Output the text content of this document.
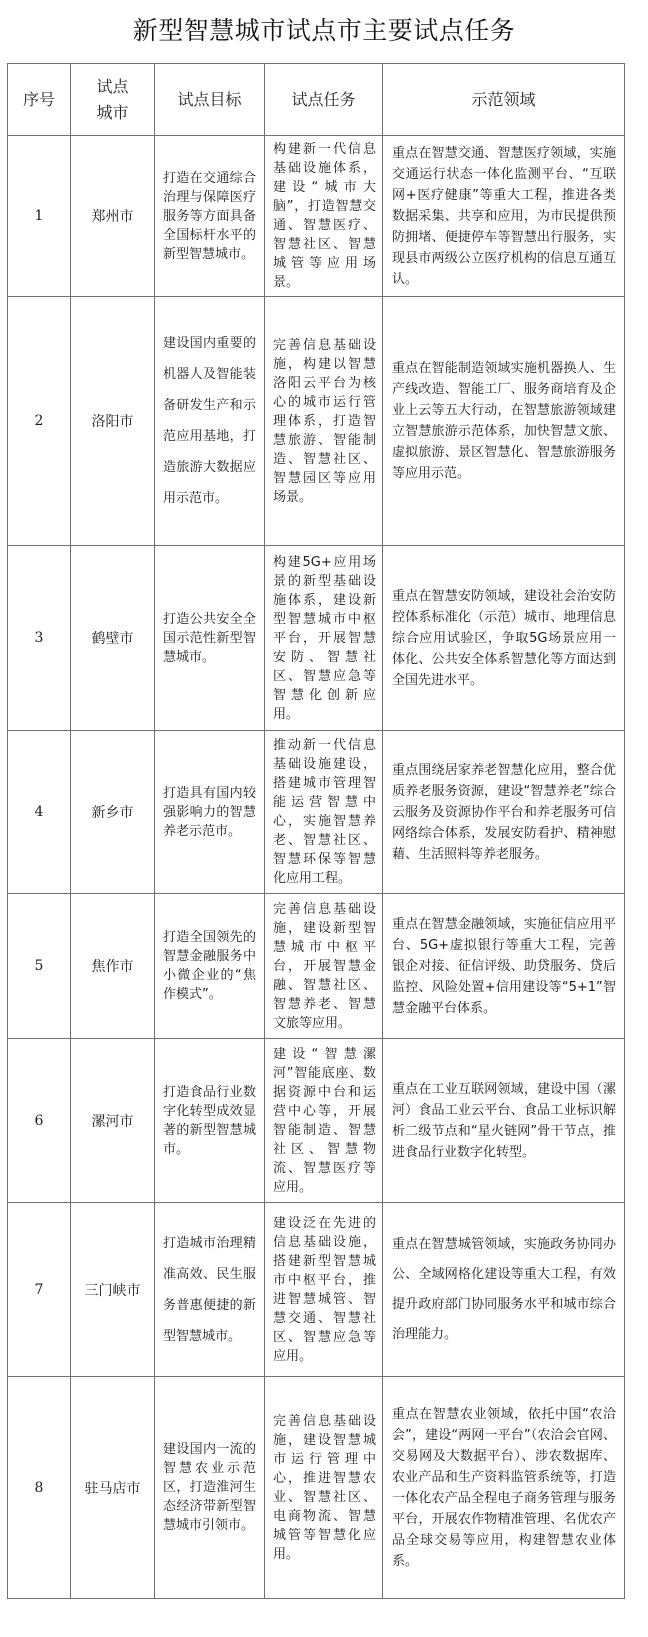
新型智慧城市试点市主要试点任务
序号	试点城市	试点目标	试点任务	示范领域
1	郑州市	打造在交通综合治理与保障医疗服务等方面具备全国标杆水平的新型智慧城市。	构建新一代信息基础设施体系，建设“城市大脑”，打造智慧交通、智慧医疗、智慧社区、智慧城管等应用场景。	重点在智慧交通、智慧医疗领域，实施交通运行状态一体化监测平台、“互联网+医疗健康”等重大工程，推进各类数据采集、共享和应用，为市民提供预防拥堵、便捷停车等智慧出行服务，实现县市两级公立医疗机构的信息互通互认。

2	洛阳市	建设国内重要的机器人及智能装备研发生产和示范应用基地，打造旅游大数据应用示范市。	完善信息基础设施，构建以智慧洛阳云平台为核心的城市运行管理体系，打造智慧旅游、智能制造、智慧社区、智慧园区等应用场景。	重点在智能制造领域实施机器换人、生产线改造、智能工厂、服务商培育及企业上云等五大行动，在智慧旅游领域建立智慧旅游示范体系，加快智慧文旅、虚拟旅游、景区智慧化、智慧旅游服务等应用示范。

3	鹤壁市	打造公共安全全国示范性新型智慧城市。	构建5G+应用场景的新型基础设施体系，建设新型智慧城市中枢平台，开展智慧安防、智慧社区、智慧应急等智慧化创新应用。	重点在智慧安防领域，建设社会治安防控体系标准化（示范）城市、地理信息综合应用试验区，争取5G场景应用一体化、公共安全体系智慧化等方面达到全国先进水平。

4	新乡市	打造具有国内较强影响力的智慧养老示范市。	推动新一代信息基础设施建设，搭建城市管理智能运营智慧中心，实施智慧养老、智慧社区、智慧环保等智慧化应用工程。	重点围绕居家养老智慧化应用，整合优质养老服务资源，建设“智慧养老”综合云服务及资源协作平台和养老服务可信网络综合体系，发展安防看护、精神慰藉、生活照料等养老服务。

5	焦作市	打造全国领先的智慧金融服务中小微企业的“焦作模式”。	完善信息基础设施，建设新型智慧城市中枢平台，开展智慧金融、智慧社区、智慧养老、智慧文旅等应用。	重点在智慧金融领域，实施征信应用平台、5G+虚拟银行等重大工程，完善银企对接、征信评级、助贷服务、贷后监控、风险处置+信用建设等“5+1”智慧金融平台体系。

6	漯河市	打造食品行业数字化转型成效显著的新型智慧城市。	建设“智慧漯河”智能底座、数据资源中台和运营中心等，开展智能制造、智慧社区、智慧物流、智慧医疗等应用。	重点在工业互联网领域，建设中国（漯河）食品工业云平台、食品工业标识解析二级节点和“星火链网”骨干节点，推进食品行业数字化转型。

7	三门峡市	打造城市治理精准高效、民生服务普惠便捷的新型智慧城市。	建设泛在先进的信息基础设施，搭建新型智慧城市中枢平台，推进智慧城管、智慧交通、智慧社区、智慧应急等应用。	重点在智慧城管领域，实施政务协同办公、全域网格化建设等重大工程，有效提升政府部门协同服务水平和城市综合治理能力。

8	驻马店市	建设国内一流的智慧农业示范区，打造淮河生态经济带新型智慧城市引领市。	完善信息基础设施，建设智慧城市运行管理中心，推进智慧农业、智慧社区、电商物流、智慧城管等智慧化应用。	重点在智慧农业领域，依托中国“农洽会”，建设“两网一平台”（农洽会官网、交易网及大数据平台）、涉农数据库、农业产品和生产资料监管系统等，打造一体化农产品全程电子商务管理与服务平台，开展农作物精准管理、名优农产品全球交易等应用，构建智慧农业体系。
